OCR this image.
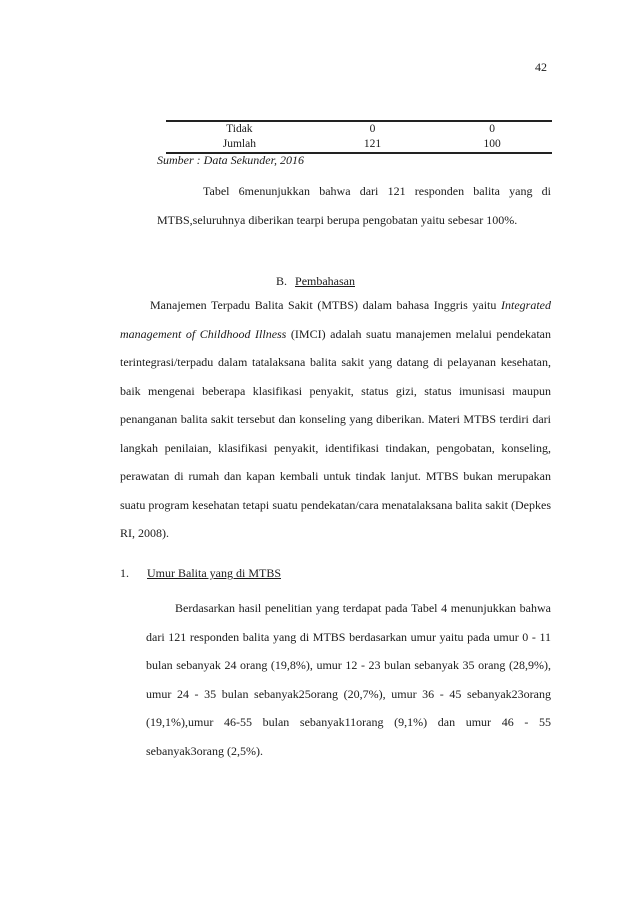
42
Tidak	0	0
Jumlah	121	100
Sumber : Data Sekunder, 2016

Tabel 6menunjukkan bahwa dari 121 responden balita yang di MTBS,seluruhnya diberikan tearpi berupa pengobatan yaitu sebesar 100%.

B. Pembahasan

Manajemen Terpadu Balita Sakit (MTBS) dalam bahasa Inggris yaitu Integrated management of Childhood Illness (IMCI) adalah suatu manajemen melalui pendekatan terintegrasi/terpadu dalam tatalaksana balita sakit yang datang di pelayanan kesehatan, baik mengenai beberapa klasifikasi penyakit, status gizi, status imunisasi maupun penanganan balita sakit tersebut dan konseling yang diberikan. Materi MTBS terdiri dari langkah penilaian, klasifikasi penyakit, identifikasi tindakan, pengobatan, konseling, perawatan di rumah dan kapan kembali untuk tindak lanjut. MTBS bukan merupakan suatu program kesehatan tetapi suatu pendekatan/cara menatalaksana balita sakit (Depkes RI, 2008).

1. Umur Balita yang di MTBS

Berdasarkan hasil penelitian yang terdapat pada Tabel 4 menunjukkan bahwa dari 121 responden balita yang di MTBS berdasarkan umur yaitu pada umur 0 - 11 bulan sebanyak 24 orang (19,8%), umur 12 - 23 bulan sebanyak 35 orang (28,9%), umur 24 - 35 bulan sebanyak25orang (20,7%), umur 36 - 45 sebanyak23orang (19,1%),umur 46-55 bulan sebanyak11orang (9,1%) dan umur 46 - 55 sebanyak3orang (2,5%).
